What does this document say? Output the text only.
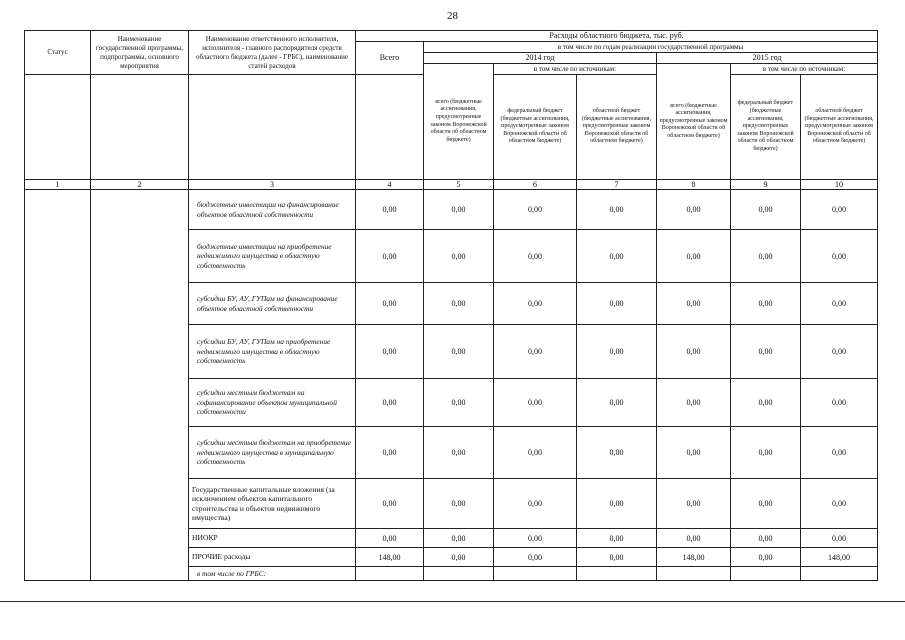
28
Статус	Наименование государственной программы, подпрограммы, основного мероприятия	Наименование ответственного исполнителя, исполнителя - главного распорядителя средств областного бюджета (далее - ГРБС), наименование статей расходов	Расходы областного бюджета, тыс. руб.						
			Всего	в том числе по годам реализации государственной программы					
				2014 год			2015 год		
				всего (бюджетные ассигнования, предусмотренные законом Воронежской области об областном бюджете)	в том числе по источникам:		всего (бюджетные ассигнования, предусмотренные законом Воронежской области об областном бюджете)	в том числе по источникам:	
					федеральный бюджет (бюджетные ассигнования, предусмотренные законом Воронежской области об областном бюджете)	областной бюджет (бюджетные ассигнования, предусмотренные законом Воронежской области об областном бюджете)		федеральный бюджет (бюджетные ассигнования, предусмотренные законом Воронежской области об областном бюджете)	областной бюджет (бюджетные ассигнования, предусмотренные законом Воронежской области об областном бюджете)
1	2	3	4	5	6	7	8	9	10
		бюджетные инвестиции на финансирование объектов областной собственности	0,00	0,00	0,00	0,00	0,00	0,00	0,00
		бюджетные инвестиции на приобретение недвижимого имущества в областную собственность	0,00	0,00	0,00	0,00	0,00	0,00	0,00
		субсидии БУ, АУ, ГУПам на финансирование объектов областной собственности	0,00	0,00	0,00	0,00	0,00	0,00	0,00
		субсидии БУ, АУ, ГУПам на приобретение недвижимого имущества в областную собственность	0,00	0,00	0,00	0,00	0,00	0,00	0,00
		субсидии местным бюджетам на софинансирование объектов муниципальной собственности	0,00	0,00	0,00	0,00	0,00	0,00	0,00
		субсидии местным бюджетам на приобретение недвижимого имущества в муниципальную собственность	0,00	0,00	0,00	0,00	0,00	0,00	0,00
		Государственные капитальные вложения (за исключением объектов капитального строительства и объектов недвижимого имущества)	0,00	0,00	0,00	0,00	0,00	0,00	0,00
		НИОКР	0,00	0,00	0,00	0,00	0,00	0,00	0,00
		ПРОЧИЕ расходы	148,00	0,00	0,00	0,00	148,00	0,00	148,00
		в том числе по ГРБС:							
